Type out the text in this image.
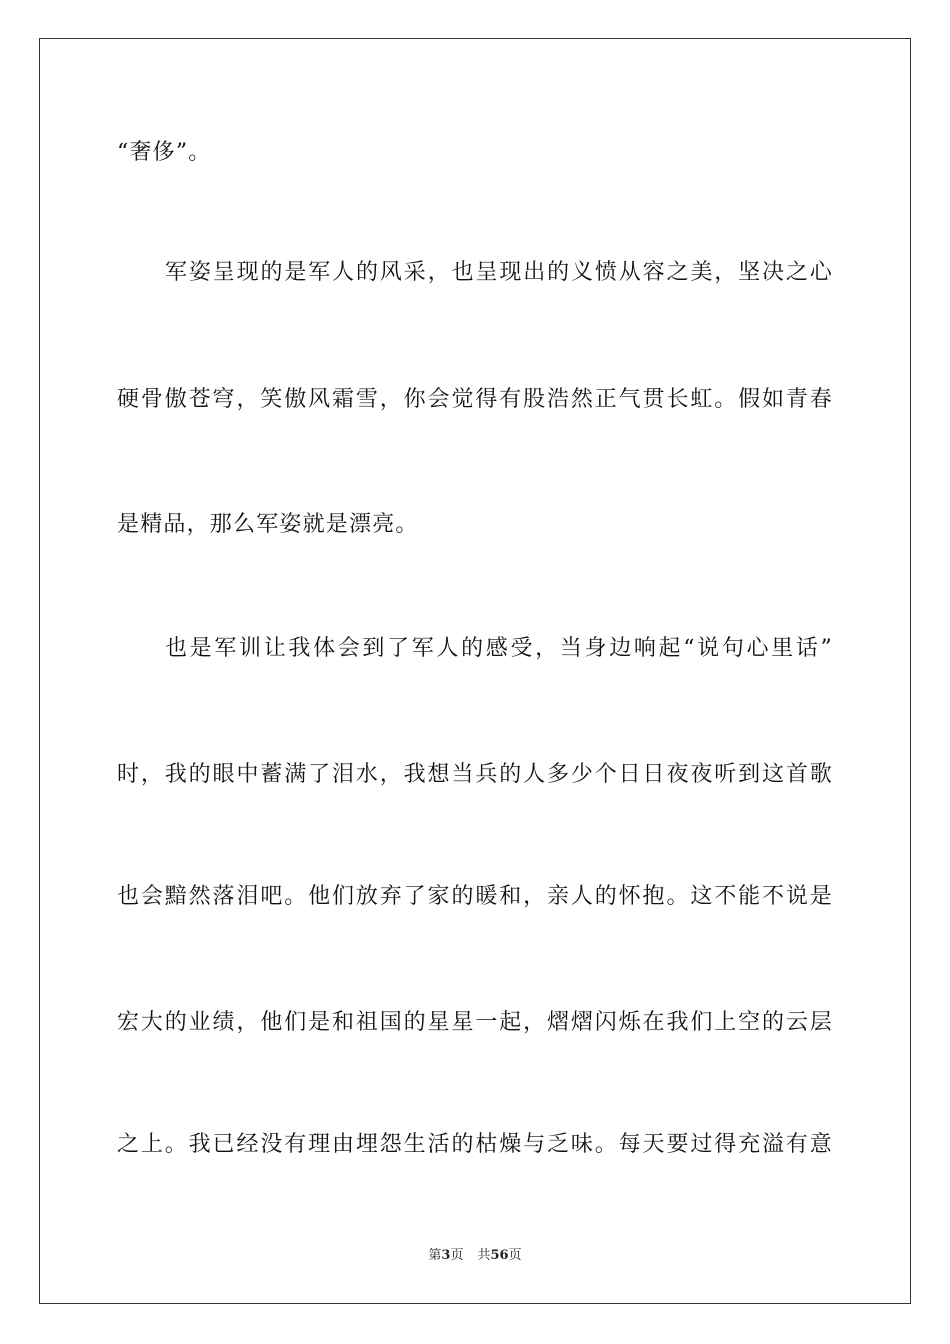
“奢侈”。
军姿呈现的是军人的风采，也呈现出的义愤从容之美，坚决之心
硬骨傲苍穹，笑傲风霜雪，你会觉得有股浩然正气贯长虹。假如青春
是精品，那么军姿就是漂亮。
也是军训让我体会到了军人的感受，当身边响起“说句心里话”
时，我的眼中蓄满了泪水，我想当兵的人多少个日日夜夜听到这首歌
也会黯然落泪吧。他们放弃了家的暖和，亲人的怀抱。这不能不说是
宏大的业绩，他们是和祖国的星星一起，熠熠闪烁在我们上空的云层
之上。我已经没有理由埋怨生活的枯燥与乏味。每天要过得充溢有意
第3页 共56页
